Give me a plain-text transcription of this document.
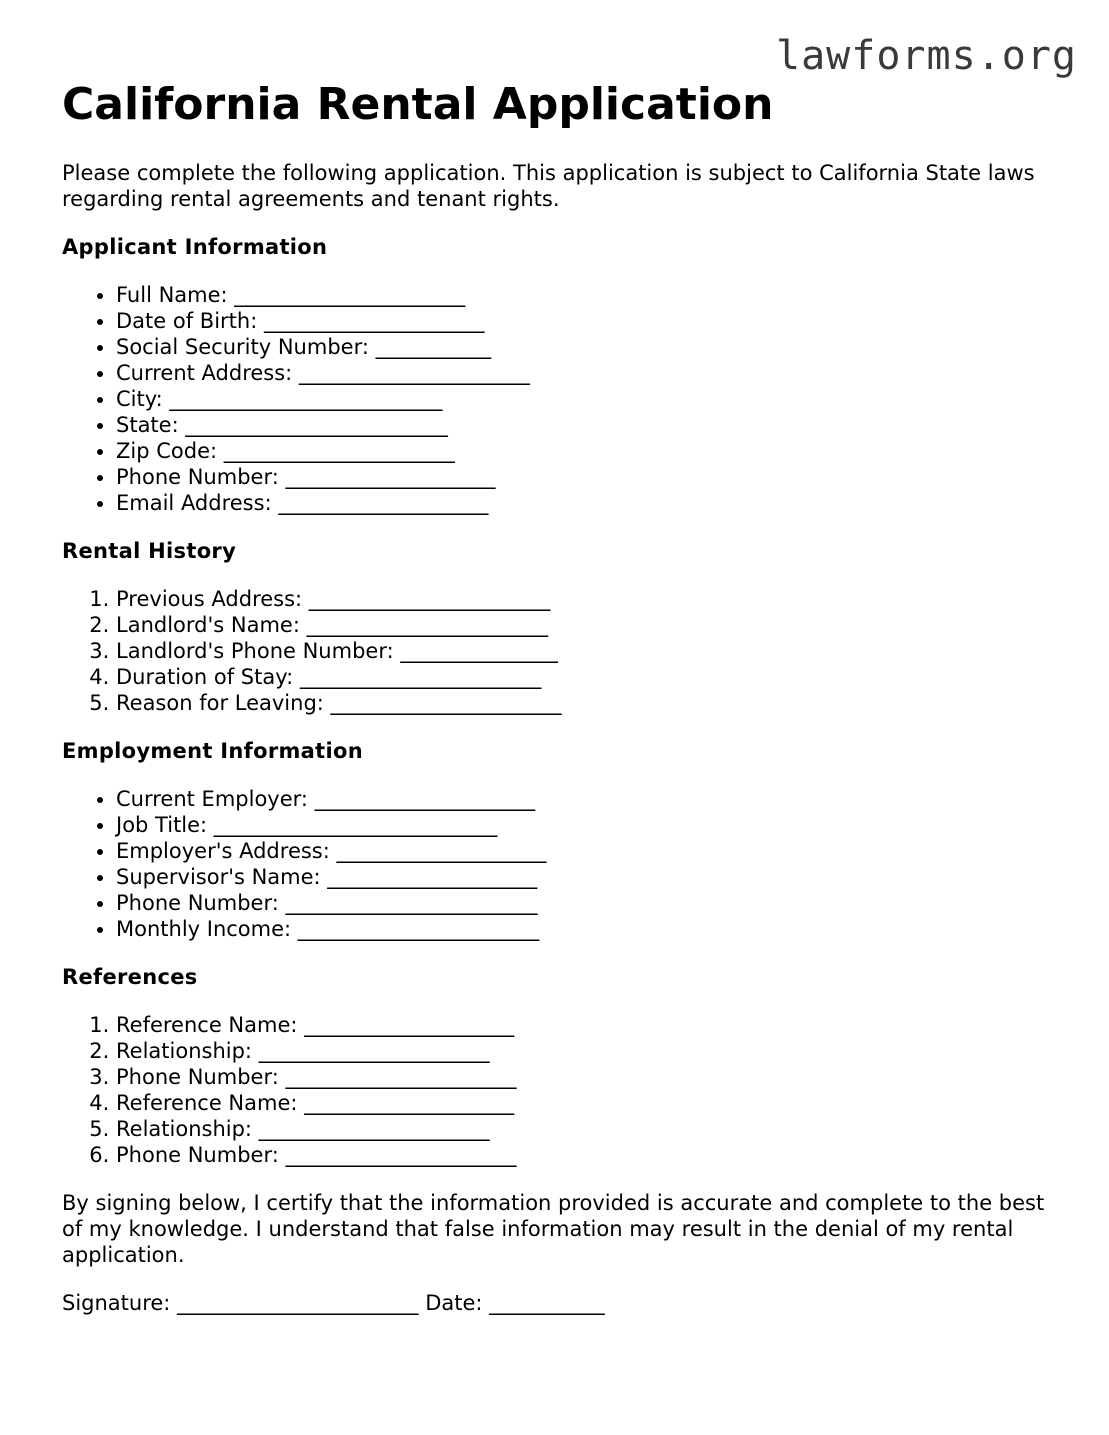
lawforms.org
California Rental Application

Please complete the following application. This application is subject to California State laws regarding rental agreements and tenant rights.

Applicant Information
• Full Name: ______________________
• Date of Birth: _____________________
• Social Security Number: ___________
• Current Address: ______________________
• City: __________________________
• State: _________________________
• Zip Code: ______________________
• Phone Number: ____________________
• Email Address: ____________________
Rental History
1. Previous Address: _______________________
2. Landlord's Name: _______________________
3. Landlord's Phone Number: _______________
4. Duration of Stay: _______________________
5. Reason for Leaving: ______________________
Employment Information
• Current Employer: _____________________
• Job Title: ___________________________
• Employer's Address: ____________________
• Supervisor's Name: ____________________
• Phone Number: ________________________
• Monthly Income: _______________________
References
1. Reference Name: ____________________
2. Relationship: ______________________
3. Phone Number: ______________________
4. Reference Name: ____________________
5. Relationship: ______________________
6. Phone Number: ______________________

By signing below, I certify that the information provided is accurate and complete to the best of my knowledge. I understand that false information may result in the denial of my rental application.

Signature: _______________________ Date: ___________
